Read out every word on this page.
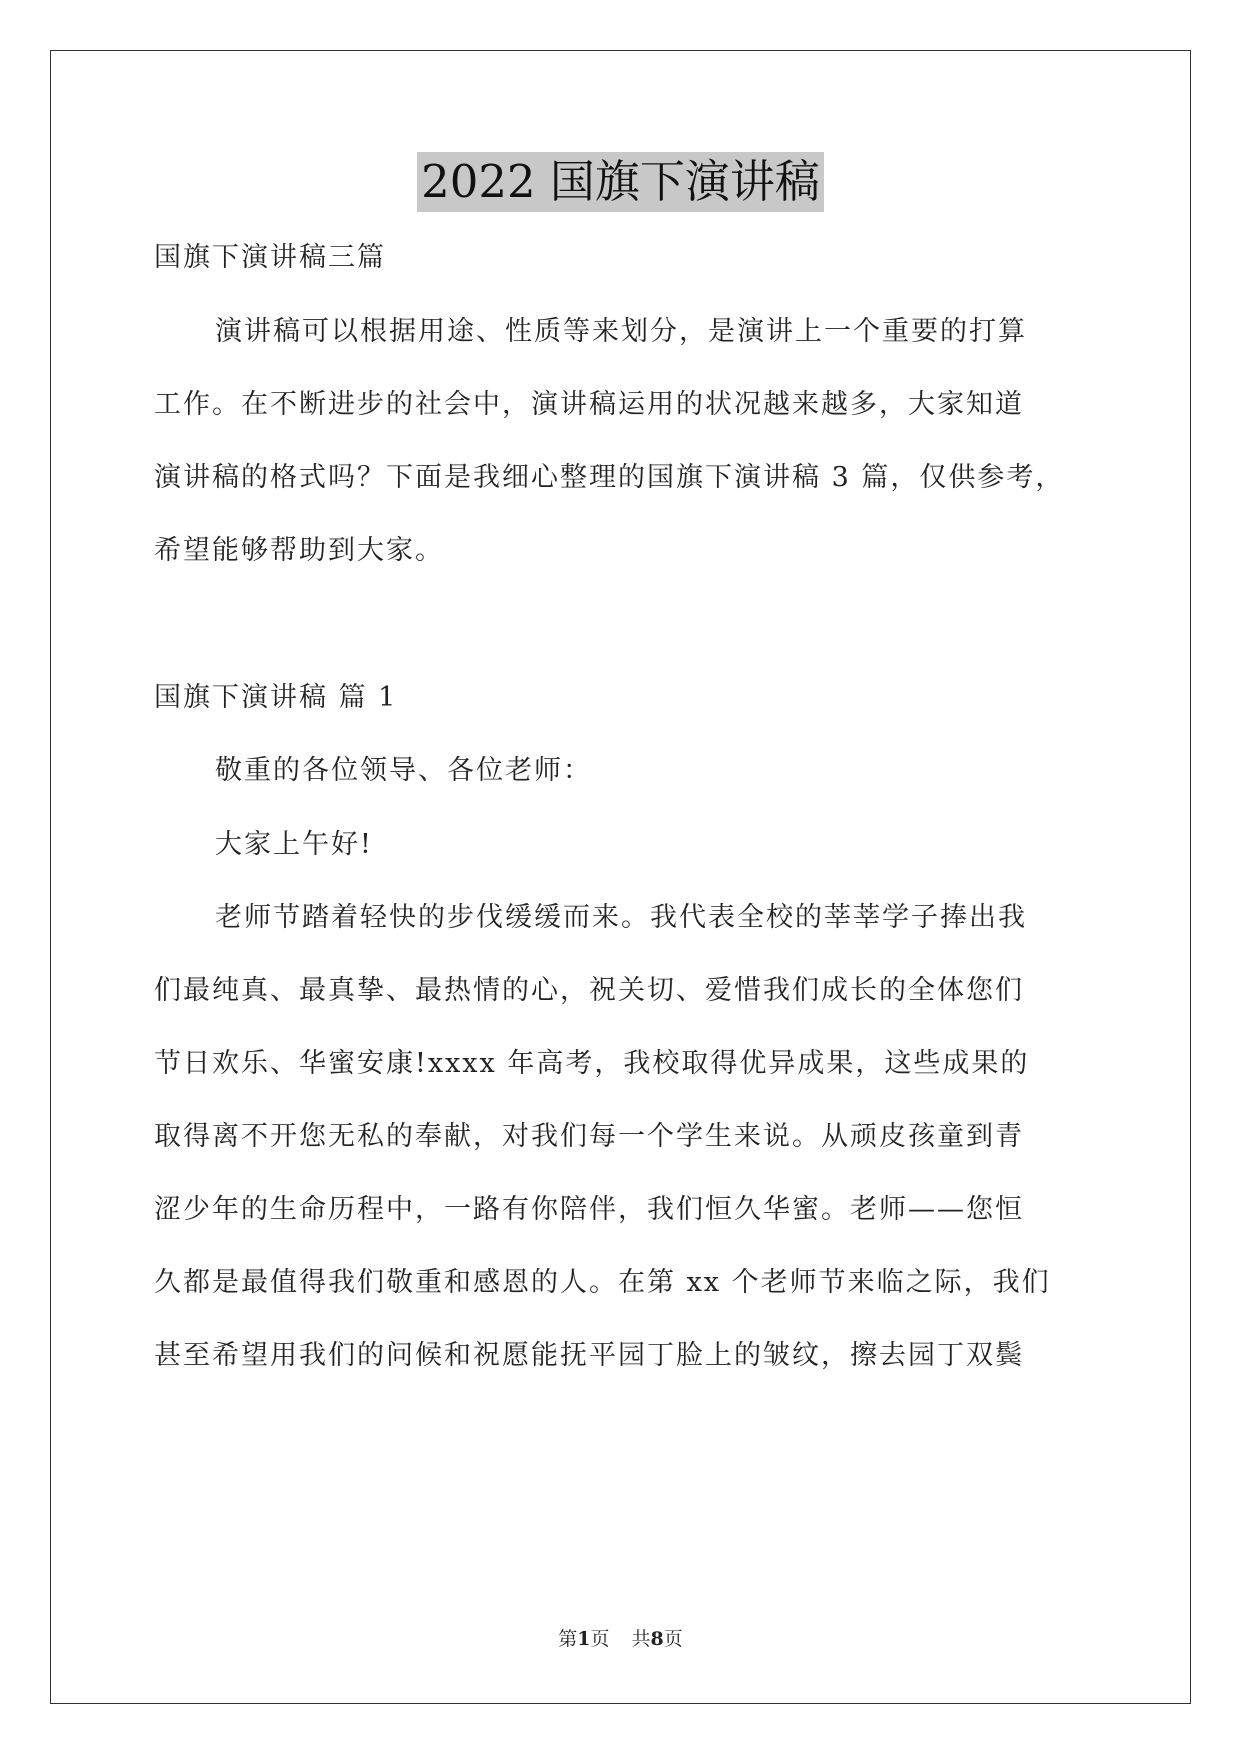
2022 国旗下演讲稿
国旗下演讲稿三篇
演讲稿可以根据用途、性质等来划分，是演讲上一个重要的打算
工作。在不断进步的社会中，演讲稿运用的状况越来越多，大家知道
演讲稿的格式吗？下面是我细心整理的国旗下演讲稿 3 篇，仅供参考，
希望能够帮助到大家。
国旗下演讲稿 篇 1
敬重的各位领导、各位老师：
大家上午好!
老师节踏着轻快的步伐缓缓而来。我代表全校的莘莘学子捧出我
们最纯真、最真挚、最热情的心，祝关切、爱惜我们成长的全体您们
节日欢乐、华蜜安康!xxxx 年高考，我校取得优异成果，这些成果的
取得离不开您无私的奉献，对我们每一个学生来说。从顽皮孩童到青
涩少年的生命历程中，一路有你陪伴，我们恒久华蜜。老师——您恒
久都是最值得我们敬重和感恩的人。在第 xx 个老师节来临之际，我们
甚至希望用我们的问候和祝愿能抚平园丁脸上的皱纹，擦去园丁双鬓
第1页 共8页
